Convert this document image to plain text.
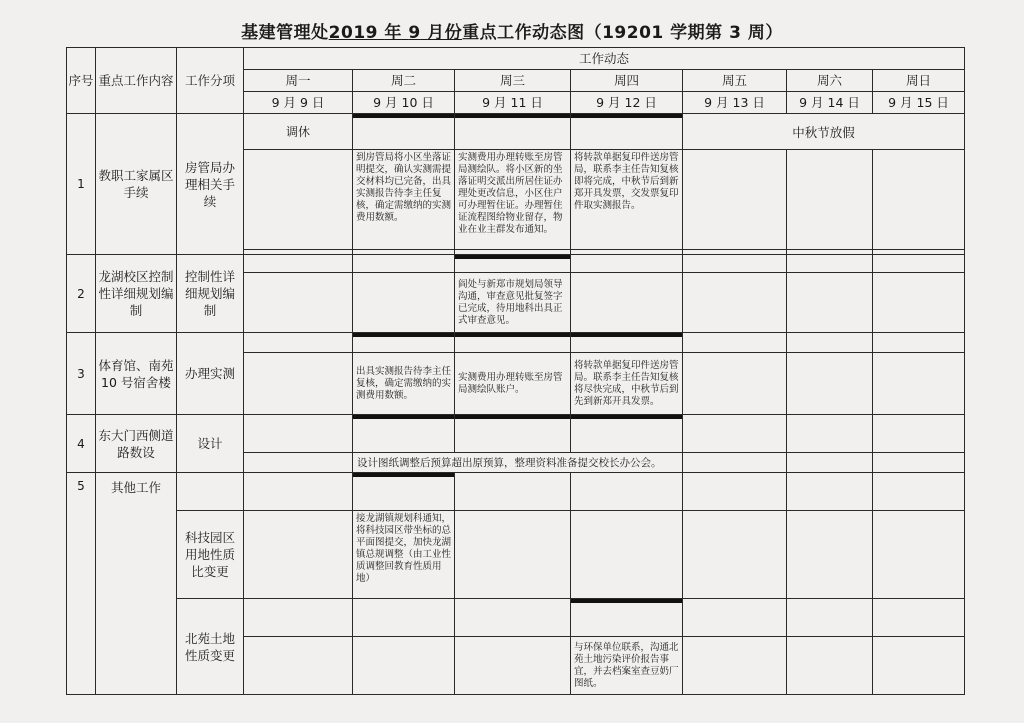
基建管理处2019 年 9 月份重点工作动态图（19201 学期第 3 周）
序号	重点工作内容	工作分项	工作动态						
			周一	周二	周三	周四	周五	周六	周日
			9 月 9 日	9 月 10 日	9 月 11 日	9 月 12 日	9 月 13 日	9 月 14 日	9 月 15 日
1	教职工家属区手续	房管局办理相关手续	调休				中秋节放假		
				到房管局将小区坐落证明提交，确认实测需提交材料均已完备，出具实测报告待李主任复核，确定需缴纳的实测费用数额。	实测费用办理转账至房管局测绘队。将小区新的坐落证明交派出所居住证办理处更改信息，小区住户可办理暂住证。办理暂住证流程图给物业留存，物业在业主群发布通知。	将转款单据复印件送房管局，联系李主任告知复核即将完成，中秋节后到新郑开具发票，交发票复印件取实测报告。			

2	龙湖校区控制性详细规划编制	控制性详细规划编制							
					阎处与新郑市规划局领导沟通，审查意见批复签字已完成，待用地科出具正式审查意见。				
3	体育馆、南苑 10 号宿舍楼	办理实测							
				出具实测报告待李主任复核，确定需缴纳的实测费用数额。	实测费用办理转账至房管局测绘队账户。	将转款单据复印件送房管局。联系李主任告知复核将尽快完成，中秋节后到先到新郑开具发票。			
4	东大门西侧道路数设	设计							
				设计图纸调整后预算超出原预算，整理资料准备提交校长办公会。					
5	其他工作								
		科技园区用地性质比变更		接龙湖镇规划科通知，将科技园区带坐标的总平面图提交，加快龙湖镇总规调整（由工业性质调整回教育性质用地）					
		北苑土地性质变更							
						与环保单位联系，沟通北苑土地污染评价报告事宜，并去档案室查豆奶厂图纸。			
